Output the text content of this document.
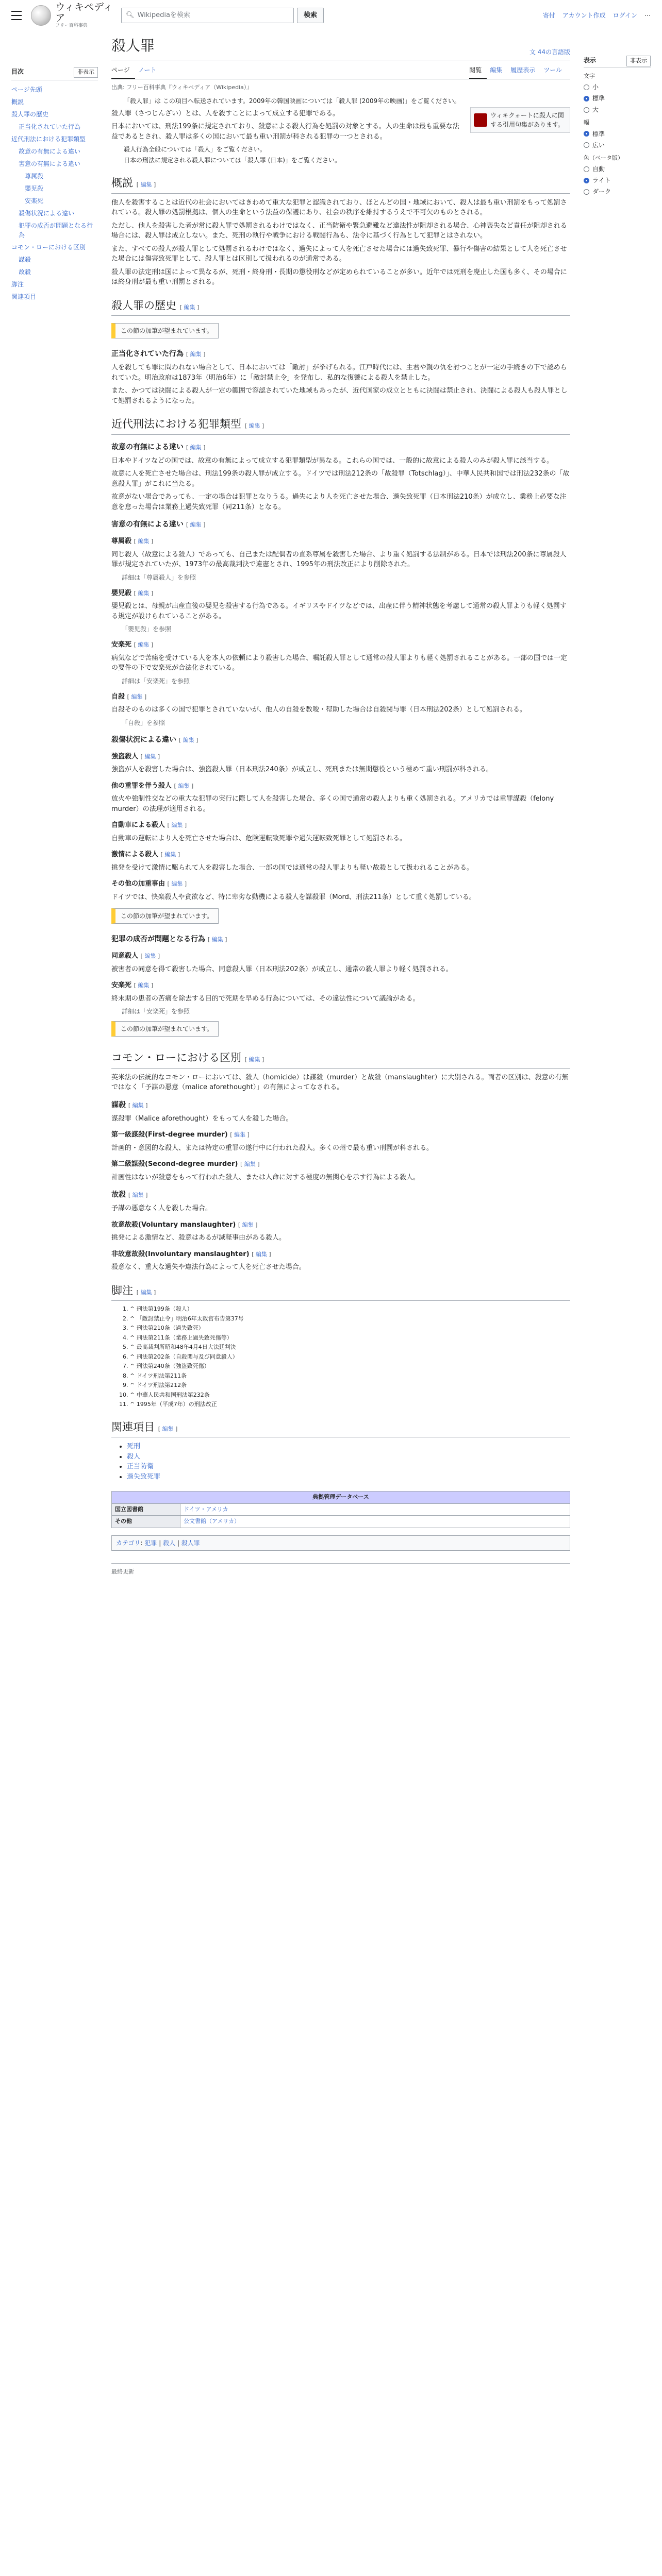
ウィキペディア
フリー百科事典
🔍︎ Wikipediaを検索	検索	寄付 アカウント作成 ログイン ⋯
目次	非表示
ページ先頭
概説
殺人罪の歴史
正当化されていた行為
近代刑法における犯罪類型
故意の有無による違い
害意の有無による違い
尊属殺
嬰児殺
安楽死
殺傷状況による違い
犯罪の成否が問題となる行為
コモン・ローにおける区別
謀殺
故殺
脚注
関連項目
殺人罪	文︎ 44の言語版
ページ	ノート	閲覧	編集	履歴表示	ツール
出典: フリー百科事典『ウィキペディア（Wikipedia）』
「殺人罪」は この項目へ転送されています。2009年の韓国映画については「殺人罪 (2009年の映画)」をご覧ください。
ウィキクォートに殺人に関する引用句集があります。

殺人罪（さつじんざい）とは、人を殺すことによって成立する犯罪である。

日本においては、刑法199条に規定されており、殺意による殺人行為を処罰の対象とする。人の生命は最も重要な法益であるとされ、殺人罪は多くの国において最も重い刑罰が科される犯罪の一つとされる。

殺人行為全般については「殺人」をご覧ください。
日本の刑法に規定される殺人罪については「殺人罪 (日本)」をご覧ください。
概説 [ 編集 ]

他人を殺害することは近代の社会においてはきわめて重大な犯罪と認識されており、ほとんどの国・地域において、殺人は最も重い刑罰をもって処罰されている。殺人罪の処罰根拠は、個人の生命という法益の保護にあり、社会の秩序を維持するうえで不可欠のものとされる。

ただし、他人を殺害した者が常に殺人罪で処罰されるわけではなく、正当防衛や緊急避難など違法性が阻却される場合、心神喪失など責任が阻却される場合には、殺人罪は成立しない。また、死刑の執行や戦争における戦闘行為も、法令に基づく行為として犯罪とはされない。

また、すべての殺人が殺人罪として処罰されるわけではなく、過失によって人を死亡させた場合には過失致死罪、暴行や傷害の結果として人を死亡させた場合には傷害致死罪として、殺人罪とは区別して扱われるのが通常である。

殺人罪の法定刑は国によって異なるが、死刑・終身刑・長期の懲役刑などが定められていることが多い。近年では死刑を廃止した国も多く、その場合には終身刑が最も重い刑罰とされる。

殺人罪の歴史 [ 編集 ]
この節の加筆が望まれています。
正当化されていた行為 [ 編集 ]

人を殺しても罪に問われない場合として、日本においては「敵討」が挙げられる。江戸時代には、主君や親の仇を討つことが一定の手続きの下で認められていた。明治政府は1873年（明治6年）に「敵討禁止令」を発布し、私的な復讐による殺人を禁止した。

また、かつては決闘による殺人が一定の範囲で容認されていた地域もあったが、近代国家の成立とともに決闘は禁止され、決闘による殺人も殺人罪として処罰されるようになった。

近代刑法における犯罪類型 [ 編集 ]
故意の有無による違い [ 編集 ]

日本やドイツなどの国では、故意の有無によって成立する犯罪類型が異なる。これらの国では、一般的に故意による殺人のみが殺人罪に該当する。

故意に人を死亡させた場合は、刑法199条の殺人罪が成立する。ドイツでは刑法212条の「故殺罪（Totschlag）」、中華人民共和国では刑法232条の「故意殺人罪」がこれに当たる。

故意がない場合であっても、一定の場合は犯罪となりうる。過失により人を死亡させた場合、過失致死罪（日本刑法210条）が成立し、業務上必要な注意を怠った場合は業務上過失致死罪（同211条）となる。

害意の有無による違い [ 編集 ]
尊属殺 [ 編集 ]

同じ殺人（故意による殺人）であっても、自己または配偶者の直系尊属を殺害した場合、より重く処罰する法制がある。日本では刑法200条に尊属殺人罪が規定されていたが、1973年の最高裁判決で違憲とされ、1995年の刑法改正により削除された。

詳細は「尊属殺人」を参照
嬰児殺 [ 編集 ]

嬰児殺とは、母親が出産直後の嬰児を殺害する行為である。イギリスやドイツなどでは、出産に伴う精神状態を考慮して通常の殺人罪よりも軽く処罰する規定が設けられていることがある。

「嬰児殺」を参照
安楽死 [ 編集 ]

病気などで苦痛を受けている人を本人の依頼により殺害した場合、嘱託殺人罪として通常の殺人罪よりも軽く処罰されることがある。一部の国では一定の要件の下で安楽死が合法化されている。

詳細は「安楽死」を参照
自殺 [ 編集 ]

自殺そのものは多くの国で犯罪とされていないが、他人の自殺を教唆・幇助した場合は自殺関与罪（日本刑法202条）として処罰される。

「自殺」を参照
殺傷状況による違い [ 編集 ]
強盗殺人 [ 編集 ]

強盗が人を殺害した場合は、強盗殺人罪（日本刑法240条）が成立し、死刑または無期懲役という極めて重い刑罰が科される。

他の重罪を伴う殺人 [ 編集 ]

放火や強制性交などの重大な犯罪の実行に際して人を殺害した場合、多くの国で通常の殺人よりも重く処罰される。アメリカでは重罪謀殺（felony murder）の法理が適用される。

自動車による殺人 [ 編集 ]

自動車の運転により人を死亡させた場合は、危険運転致死罪や過失運転致死罪として処罰される。

激情による殺人 [ 編集 ]

挑発を受けて激情に駆られて人を殺害した場合、一部の国では通常の殺人罪よりも軽い故殺として扱われることがある。

その他の加重事由 [ 編集 ]

ドイツでは、快楽殺人や貪欲など、特に卑劣な動機による殺人を謀殺罪（Mord、刑法211条）として重く処罰している。

この節の加筆が望まれています。
犯罪の成否が問題となる行為 [ 編集 ]
同意殺人 [ 編集 ]

被害者の同意を得て殺害した場合、同意殺人罪（日本刑法202条）が成立し、通常の殺人罪より軽く処罰される。

安楽死 [ 編集 ]

終末期の患者の苦痛を除去する目的で死期を早める行為については、その違法性について議論がある。

詳細は「安楽死」を参照
この節の加筆が望まれています。
コモン・ローにおける区別 [ 編集 ]

英米法の伝統的なコモン・ローにおいては、殺人（homicide）は謀殺（murder）と故殺（manslaughter）に大別される。両者の区別は、殺意の有無ではなく「予謀の悪意（malice aforethought）」の有無によってなされる。

謀殺 [ 編集 ]

謀殺罪（Malice aforethought）をもって人を殺した場合。

第一級謀殺(First-degree murder) [ 編集 ]

計画的・意図的な殺人、または特定の重罪の遂行中に行われた殺人。多くの州で最も重い刑罰が科される。

第二級謀殺(Second-degree murder) [ 編集 ]

計画性はないが殺意をもって行われた殺人、または人命に対する極度の無関心を示す行為による殺人。

故殺 [ 編集 ]

予謀の悪意なく人を殺した場合。

故意故殺(Voluntary manslaughter) [ 編集 ]

挑発による激情など、殺意はあるが減軽事由がある殺人。

非故意故殺(Involuntary manslaughter) [ 編集 ]

殺意なく、重大な過失や違法行為によって人を死亡させた場合。

脚注 [ 編集 ]
1. ^ 刑法第199条（殺人）
2. ^ 「敵討禁止令」明治6年太政官布告第37号
3. ^ 刑法第210条（過失致死）
4. ^ 刑法第211条（業務上過失致死傷等）
5. ^ 最高裁判所昭和48年4月4日大法廷判決
6. ^ 刑法第202条（自殺関与及び同意殺人）
7. ^ 刑法第240条（強盗致死傷）
8. ^ ドイツ刑法第211条
9. ^ ドイツ刑法第212条
10. ^ 中華人民共和国刑法第232条
11. ^ 1995年（平成7年）の刑法改正
関連項目 [ 編集 ]
• 死刑
• 殺人
• 正当防衛
• 過失致死罪
典拠管理データベース	
国立図書館	ドイツ・アメリカ
その他	公文書館（アメリカ）
カテゴリ: 犯罪 | 殺人 | 殺人罪
最終更新
表示	非表示
文字
小
標準
大
幅
標準
広い
色（ベータ版）
自動
ライト
ダーク
